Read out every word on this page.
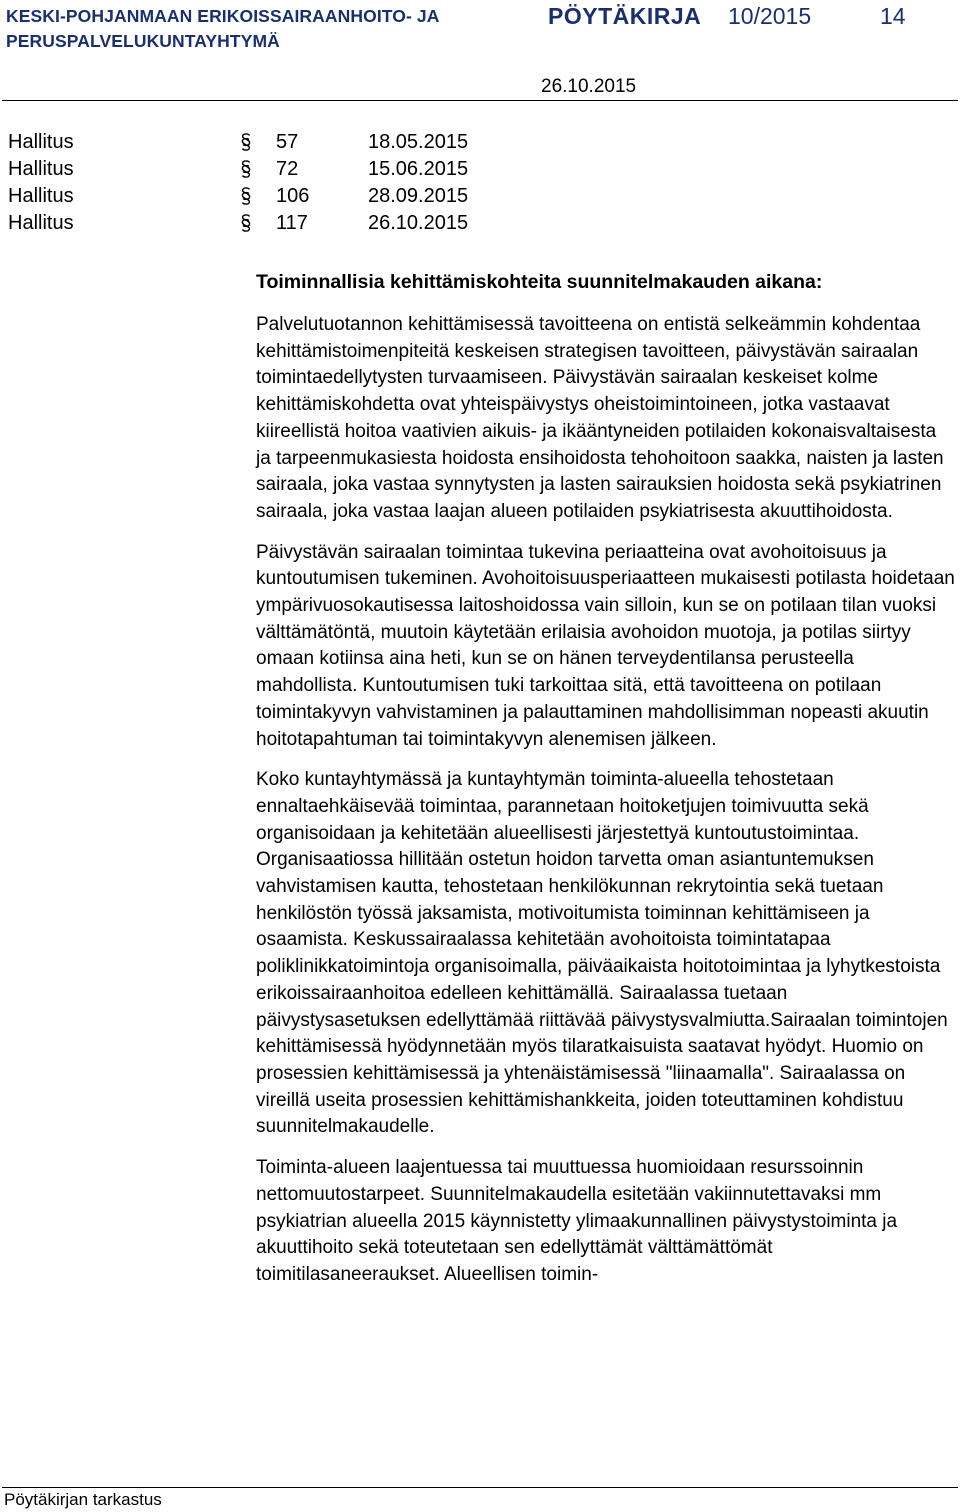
KESKI-POHJANMAAN ERIKOISSAIRAANHOITO- JA PERUSPALVELUKUNTAYHTYMÄ
PÖYTÄKIRJA 10/2015	14
26.10.2015
Hallitus	57	18.05.2015
Hallitus	72	15.06.2015
Hallitus	106	28.09.2015
Hallitus	117	26.10.2015
Toiminnallisia kehittämiskohteita suunnitelmakauden aikana:

Palvelutuotannon kehittämisessä tavoitteena on entistä selkeämmin kohdentaa kehittämistoimenpiteitä keskeisen strategisen tavoitteen, päivystävän sairaalan toimintaedellytysten turvaamiseen. Päivystävän sairaalan keskeiset kolme kehittämiskohdetta ovat yhteispäivystys oheistoimintoineen, jotka vastaavat kiireellistä hoitoa vaativien aikuis- ja ikääntyneiden potilaiden kokonaisvaltaisesta ja tarpeenmukasiesta hoidosta ensihoidosta tehohoitoon saakka, naisten ja lasten sairaala, joka vastaa synnytysten ja lasten sairauksien hoidosta sekä psykiatrinen sairaala, joka vastaa laajan alueen potilaiden psykiatrisesta akuuttihoidosta.

Päivystävän sairaalan toimintaa tukevina periaatteina ovat avohoitoisuus ja kuntoutumisen tukeminen. Avohoitoisuusperiaatteen mukaisesti potilasta hoidetaan ympärivuosokautisessa laitoshoidossa vain silloin, kun se on potilaan tilan vuoksi välttämätöntä, muutoin käytetään erilaisia avohoidon muotoja, ja potilas siirtyy omaan kotiinsa aina heti, kun se on hänen terveydentilansa perusteella mahdollista. Kuntoutumisen tuki tarkoittaa sitä, että tavoitteena on potilaan toimintakyvyn vahvistaminen ja palauttaminen mahdollisimman nopeasti akuutin hoitotapahtuman tai toimintakyvyn alenemisen jälkeen.

Koko kuntayhtymässä ja kuntayhtymän toiminta-alueella tehostetaan ennaltaehkäisevää toimintaa, parannetaan hoitoketjujen toimivuutta sekä organisoidaan ja kehitetään alueellisesti järjestettyä kuntoutustoimintaa. Organisaatiossa hillitään ostetun hoidon tarvetta oman asiantuntemuksen vahvistamisen kautta, tehostetaan henkilökunnan rekrytointia sekä tuetaan henkilöstön työssä jaksamista, motivoitumista toiminnan kehittämiseen ja osaamista. Keskussairaalassa kehitetään avohoitoista toimintatapaa poliklinikkatoimintoja organisoimalla, päiväaikaista hoitotoimintaa ja lyhytkestoista erikoissairaanhoitoa edelleen kehittämällä. Sairaalassa tuetaan päivystysasetuksen edellyttämää riittävää päivystysvalmiutta.Sairaalan toimintojen kehittämisessä hyödynnetään myös tilaratkaisuista saatavat hyödyt. Huomio on prosessien kehittämisessä ja yhtenäistämisessä "liinaamalla". Sairaalassa on vireillä useita prosessien kehittämishankkeita, joiden toteuttaminen kohdistuu suunnitelmakaudelle.

Toiminta-alueen laajentuessa tai muuttuessa huomioidaan resurssoinnin nettomuutostarpeet. Suunnitelmakaudella esitetään vakiinnutettavaksi mm psykiatrian alueella 2015 käynnistetty ylimaakunnallinen päivystystoiminta ja akuuttihoito sekä toteutetaan sen edellyttämät välttämättömät toimitilasaneeraukset. Alueellisen toimin-

Pöytäkirjan tarkastus
